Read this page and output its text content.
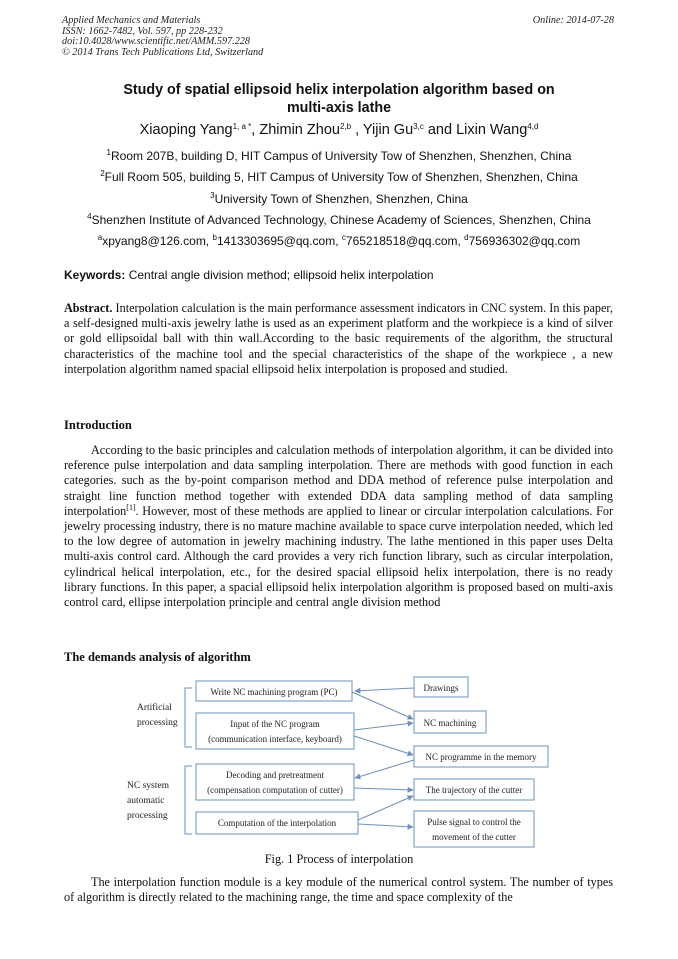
Applied Mechanics and Materials
ISSN: 1662-7482, Vol. 597, pp 228-232
doi:10.4028/www.scientific.net/AMM.597.228
© 2014 Trans Tech Publications Ltd, Switzerland
Online: 2014-07-28
Study of spatial ellipsoid helix interpolation algorithm based on
multi-axis lathe
Xiaoping Yang$^{1, a *}$, Zhimin Zhou$^{2,b}$ , Yijin Gu$^{3,c}$ and Lixin Wang$^{4,d}$
$^1$Room 207B, building D, HIT Campus of University Tow of Shenzhen, Shenzhen, China
$^2$Full Room 505, building 5, HIT Campus of University Tow of Shenzhen, Shenzhen, China
$^3$University Town of Shenzhen, Shenzhen, China
$^4$Shenzhen Institute of Advanced Technology, Chinese Academy of Sciences, Shenzhen, China
$^a$xpyang8@126.com, $^b$1413303695@qq.com, $^c$765218518@qq.com, $^d$756936302@qq.com
Keywords: Central angle division method; ellipsoid helix interpolation
Abstract. Interpolation calculation is the main performance assessment indicators in CNC system. In this paper, a self-designed multi-axis jewelry lathe is used as an experiment platform and the workpiece is a kind of silver or gold ellipsoidal ball with thin wall.According to the basic requirements of the algorithm, the structural characteristics of the machine tool and the special characteristics of the shape of the workpiece , a new interpolation algorithm named spacial ellipsoid helix interpolation is proposed and studied.
Introduction
According to the basic principles and calculation methods of interpolation algorithm, it can be divided into reference pulse interpolation and data sampling interpolation. There are methods with good function in each categories. such as the by-point comparison method and DDA method of reference pulse interpolation and straight line function method together with extended DDA data sampling method of data sampling interpolation[1]. However, most of these methods are applied to linear or circular interpolation calculations. For jewelry processing industry, there is no mature machine available to space curve interpolation needed, which led to the low degree of automation in jewelry machining industry. The lathe mentioned in this paper uses Delta multi-axis control card. Although the card provides a very rich function library, such as circular interpolation, cylindrical helical interpolation, etc., for the desired spacial ellipsoid helix interpolation, there is no ready library functions. In this paper, a spacial ellipsoid helix interpolation algorithm is proposed based on multi-axis control card, ellipse interpolation principle and central angle division method
The demands analysis of algorithm
Artificial
processing
NC system
automatic
processing
Write NC machining program (PC)
Input of the NC program
(communication interface, keyboard)
Decoding and pretreatment
(compensation computation of cutter)
Computation of the interpolation
Drawings
NC machining
NC programme in the memory
The trajectory of the cutter
Pulse signal to control the
movement of the cutter
Fig. 1 Process of interpolation
The interpolation function module is a key module of the numerical control system. The number of types of algorithm is directly related to the machining range, the time and space complexity of the
